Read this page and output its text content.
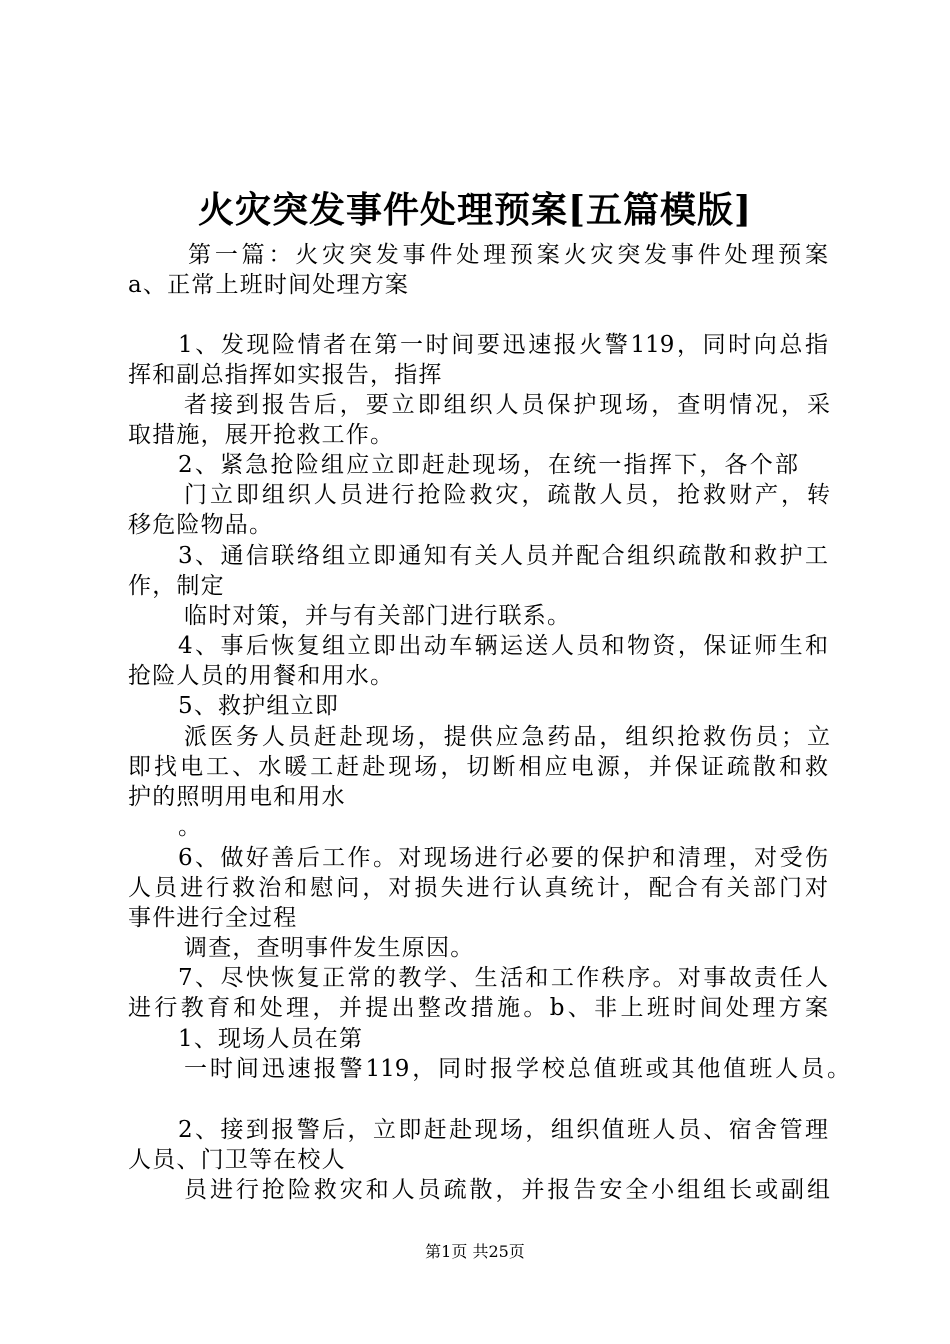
火灾突发事件处理预案[五篇模版]
第一篇：火灾突发事件处理预案火灾突发事件处理预案
a、正常上班时间处理方案
1、发现险情者在第一时间要迅速报火警119，同时向总指
挥和副总指挥如实报告，指挥
者接到报告后，要立即组织人员保护现场，查明情况，采
取措施，展开抢救工作。
2、紧急抢险组应立即赶赴现场，在统一指挥下，各个部
门立即组织人员进行抢险救灾，疏散人员，抢救财产，转
移危险物品。
3、通信联络组立即通知有关人员并配合组织疏散和救护工
作，制定
临时对策，并与有关部门进行联系。
4、事后恢复组立即出动车辆运送人员和物资，保证师生和
抢险人员的用餐和用水。
5、救护组立即
派医务人员赶赴现场，提供应急药品，组织抢救伤员；立
即找电工、水暖工赶赴现场，切断相应电源，并保证疏散和救
护的照明用电和用水
。
6、做好善后工作。对现场进行必要的保护和清理，对受伤
人员进行救治和慰问，对损失进行认真统计，配合有关部门对
事件进行全过程
调查，查明事件发生原因。
7、尽快恢复正常的教学、生活和工作秩序。对事故责任人
进行教育和处理，并提出整改措施。b、非上班时间处理方案
1、现场人员在第
一时间迅速报警119，同时报学校总值班或其他值班人员。
2、接到报警后，立即赶赴现场，组织值班人员、宿舍管理
人员、门卫等在校人
员进行抢险救灾和人员疏散，并报告安全小组组长或副组
第1页 共25页
